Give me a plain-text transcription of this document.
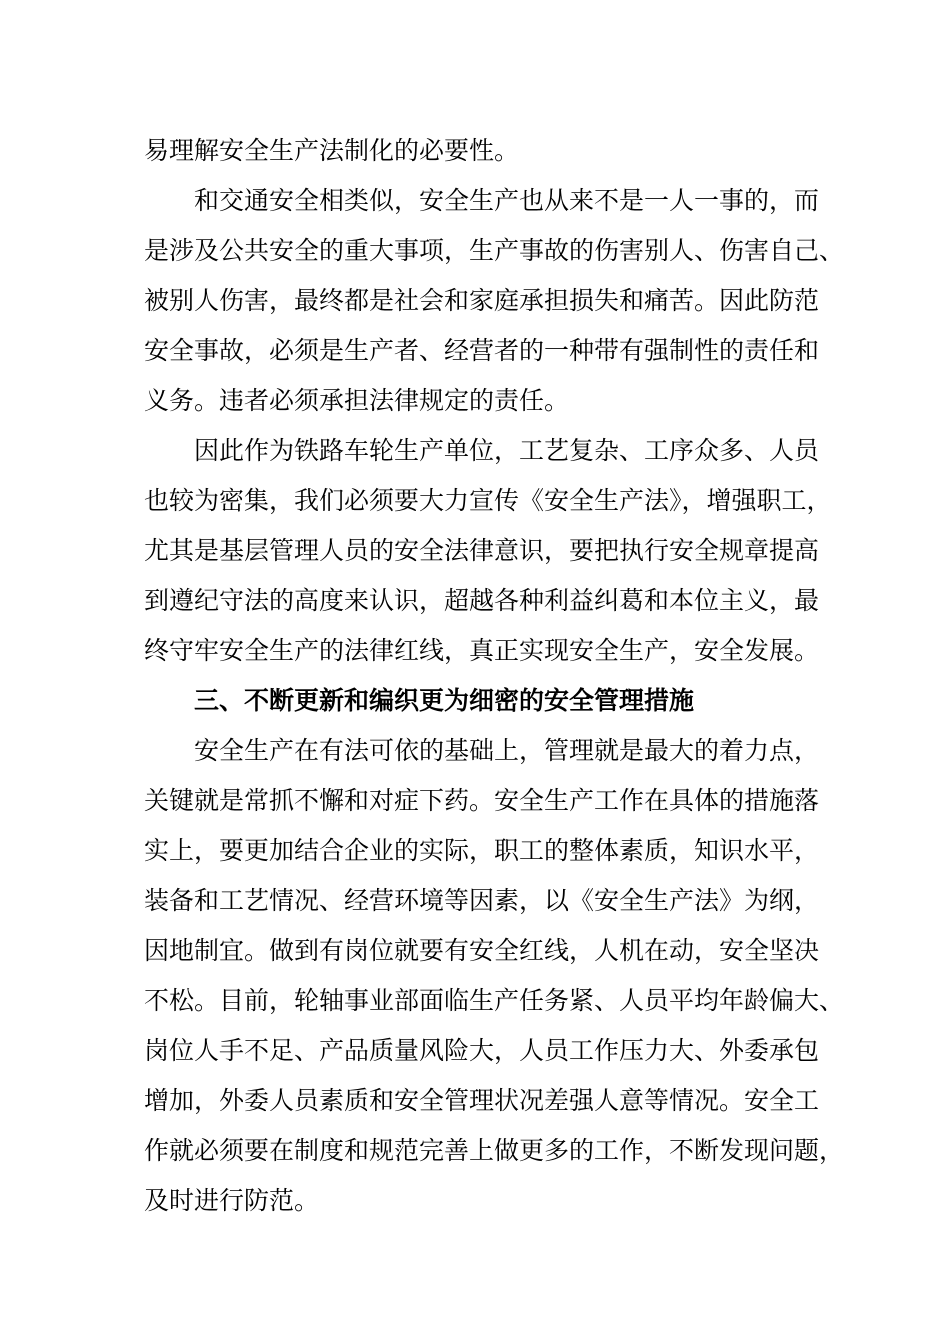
易理解安全生产法制化的必要性。
和交通安全相类似，安全生产也从来不是一人一事的，而
是涉及公共安全的重大事项，生产事故的伤害别人、伤害自己、
被别人伤害，最终都是社会和家庭承担损失和痛苦。因此防范
安全事故，必须是生产者、经营者的一种带有强制性的责任和
义务。违者必须承担法律规定的责任。
因此作为铁路车轮生产单位，工艺复杂、工序众多、人员
也较为密集，我们必须要大力宣传《安全生产法》，增强职工，
尤其是基层管理人员的安全法律意识，要把执行安全规章提高
到遵纪守法的高度来认识，超越各种利益纠葛和本位主义，最
终守牢安全生产的法律红线，真正实现安全生产，安全发展。
三、不断更新和编织更为细密的安全管理措施
安全生产在有法可依的基础上，管理就是最大的着力点，
关键就是常抓不懈和对症下药。安全生产工作在具体的措施落
实上，要更加结合企业的实际，职工的整体素质，知识水平，
装备和工艺情况、经营环境等因素，以《安全生产法》为纲，
因地制宜。做到有岗位就要有安全红线，人机在动，安全坚决
不松。目前，轮轴事业部面临生产任务紧、人员平均年龄偏大、
岗位人手不足、产品质量风险大，人员工作压力大、外委承包
增加，外委人员素质和安全管理状况差强人意等情况。安全工
作就必须要在制度和规范完善上做更多的工作，不断发现问题，
及时进行防范。
